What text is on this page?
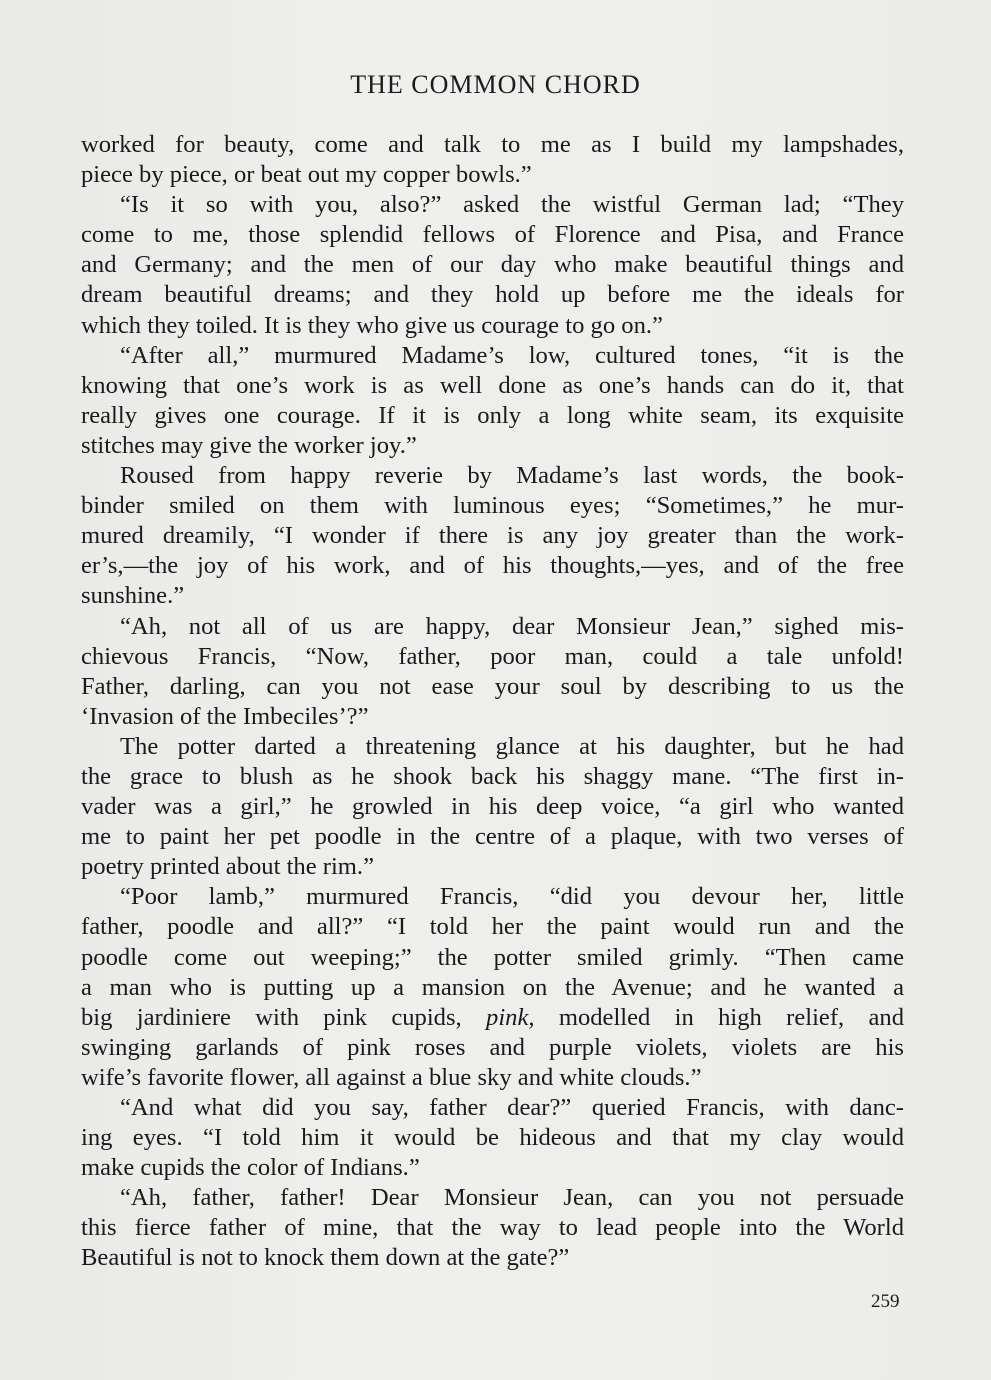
THE COMMON CHORD
worked for beauty, come and talk to me as I build my lampshades,
piece by piece, or beat out my copper bowls.”
“Is it so with you, also?” asked the wistful German lad; “They
come to me, those splendid fellows of Florence and Pisa, and France
and Germany; and the men of our day who make beautiful things and
dream beautiful dreams; and they hold up before me the ideals for
which they toiled. It is they who give us courage to go on.”
“After all,” murmured Madame’s low, cultured tones, “it is the
knowing that one’s work is as well done as one’s hands can do it, that
really gives one courage. If it is only a long white seam, its exquisite
stitches may give the worker joy.”
Roused from happy reverie by Madame’s last words, the book-
binder smiled on them with luminous eyes; “Sometimes,” he mur-
mured dreamily, “I wonder if there is any joy greater than the work-
er’s,—the joy of his work, and of his thoughts,—yes, and of the free
sunshine.”
“Ah, not all of us are happy, dear Monsieur Jean,” sighed mis-
chievous Francis, “Now, father, poor man, could a tale unfold!
Father, darling, can you not ease your soul by describing to us the
‘Invasion of the Imbeciles’?”
The potter darted a threatening glance at his daughter, but he had
the grace to blush as he shook back his shaggy mane. “The first in-
vader was a girl,” he growled in his deep voice, “a girl who wanted
me to paint her pet poodle in the centre of a plaque, with two verses of
poetry printed about the rim.”
“Poor lamb,” murmured Francis, “did you devour her, little
father, poodle and all?” “I told her the paint would run and the
poodle come out weeping;” the potter smiled grimly. “Then came
a man who is putting up a mansion on the Avenue; and he wanted a
big jardiniere with pink cupids, pink, modelled in high relief, and
swinging garlands of pink roses and purple violets, violets are his
wife’s favorite flower, all against a blue sky and white clouds.”
“And what did you say, father dear?” queried Francis, with danc-
ing eyes. “I told him it would be hideous and that my clay would
make cupids the color of Indians.”
“Ah, father, father! Dear Monsieur Jean, can you not persuade
this fierce father of mine, that the way to lead people into the World
Beautiful is not to knock them down at the gate?”
259
